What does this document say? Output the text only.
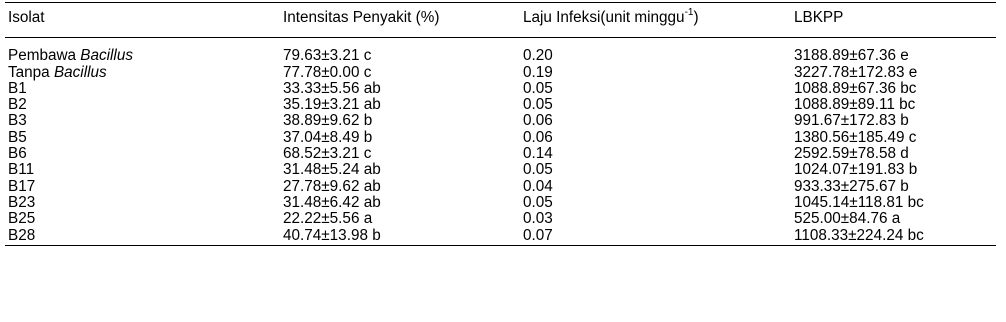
Isolat	Intensitas Penyakit (%)	Laju Infeksi(unit minggu$^{-1}$)	LBKPP
Pembawa Bacillus	79.63±3.21 c	0.20	3188.89±67.36 e
Tanpa Bacillus	77.78±0.00 c	0.19	3227.78±172.83 e
B1	33.33±5.56 ab	0.05	1088.89±67.36 bc
B2	35.19±3.21 ab	0.05	1088.89±89.11 bc
B3	38.89±9.62 b	0.06	991.67±172.83 b
B5	37.04±8.49 b	0.06	1380.56±185.49 c
B6	68.52±3.21 c	0.14	2592.59±78.58 d
B11	31.48±5.24 ab	0.05	1024.07±191.83 b
B17	27.78±9.62 ab	0.04	933.33±275.67 b
B23	31.48±6.42 ab	0.05	1045.14±118.81 bc
B25	22.22±5.56 a	0.03	525.00±84.76 a
B28	40.74±13.98 b	0.07	1108.33±224.24 bc
